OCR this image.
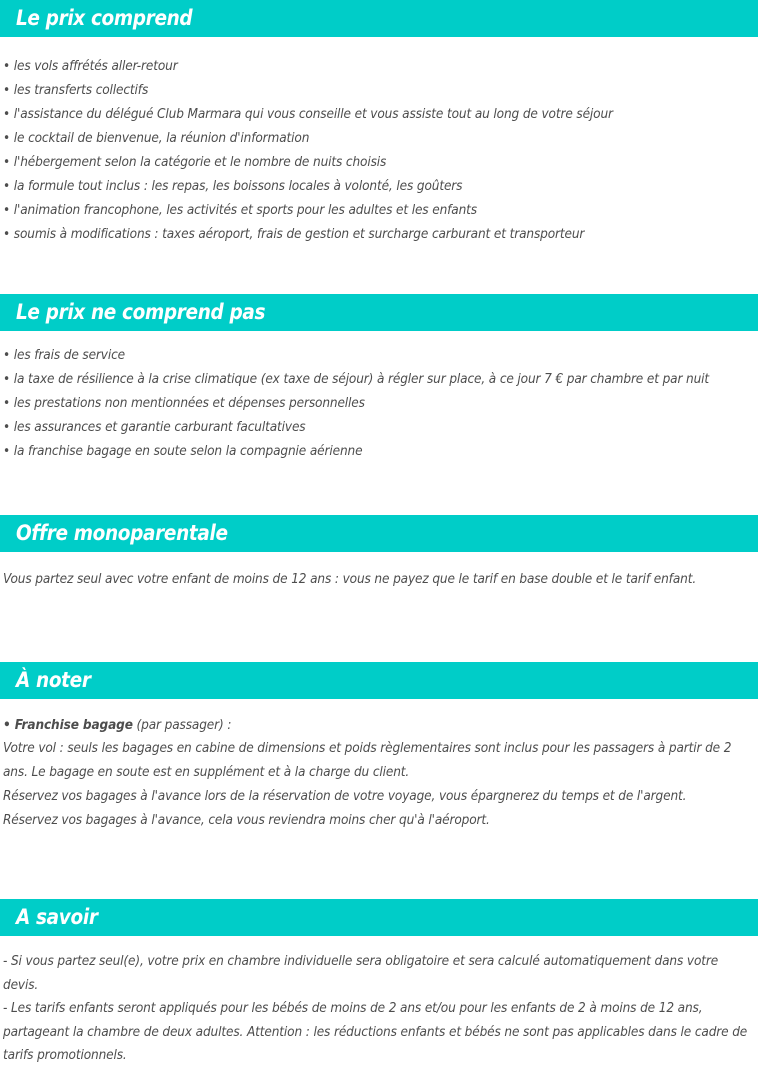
Le prix comprend
• les vols affrétés aller-retour
• les transferts collectifs
• l'assistance du délégué Club Marmara qui vous conseille et vous assiste tout au long de votre séjour
• le cocktail de bienvenue, la réunion d'information
• l'hébergement selon la catégorie et le nombre de nuits choisis
• la formule tout inclus : les repas, les boissons locales à volonté, les goûters
• l'animation francophone, les activités et sports pour les adultes et les enfants
• soumis à modifications : taxes aéroport, frais de gestion et surcharge carburant et transporteur
Le prix ne comprend pas
• les frais de service
• la taxe de résilience à la crise climatique (ex taxe de séjour) à régler sur place, à ce jour 7 € par chambre et par nuit
• les prestations non mentionnées et dépenses personnelles
• les assurances et garantie carburant facultatives
• la franchise bagage en soute selon la compagnie aérienne
Offre monoparentale
Vous partez seul avec votre enfant de moins de 12 ans : vous ne payez que le tarif en base double et le tarif enfant.
À noter
• Franchise bagage (par passager) :
Votre vol : seuls les bagages en cabine de dimensions et poids règlementaires sont inclus pour les passagers à partir de 2 ans. Le bagage en soute est en supplément et à la charge du client.
Réservez vos bagages à l'avance lors de la réservation de votre voyage, vous épargnerez du temps et de l'argent.
Réservez vos bagages à l'avance, cela vous reviendra moins cher qu'à l'aéroport.
A savoir
- Si vous partez seul(e), votre prix en chambre individuelle sera obligatoire et sera calculé automatiquement dans votre devis.
- Les tarifs enfants seront appliqués pour les bébés de moins de 2 ans et/ou pour les enfants de 2 à moins de 12 ans, partageant la chambre de deux adultes. Attention : les réductions enfants et bébés ne sont pas applicables dans le cadre de tarifs promotionnels.
